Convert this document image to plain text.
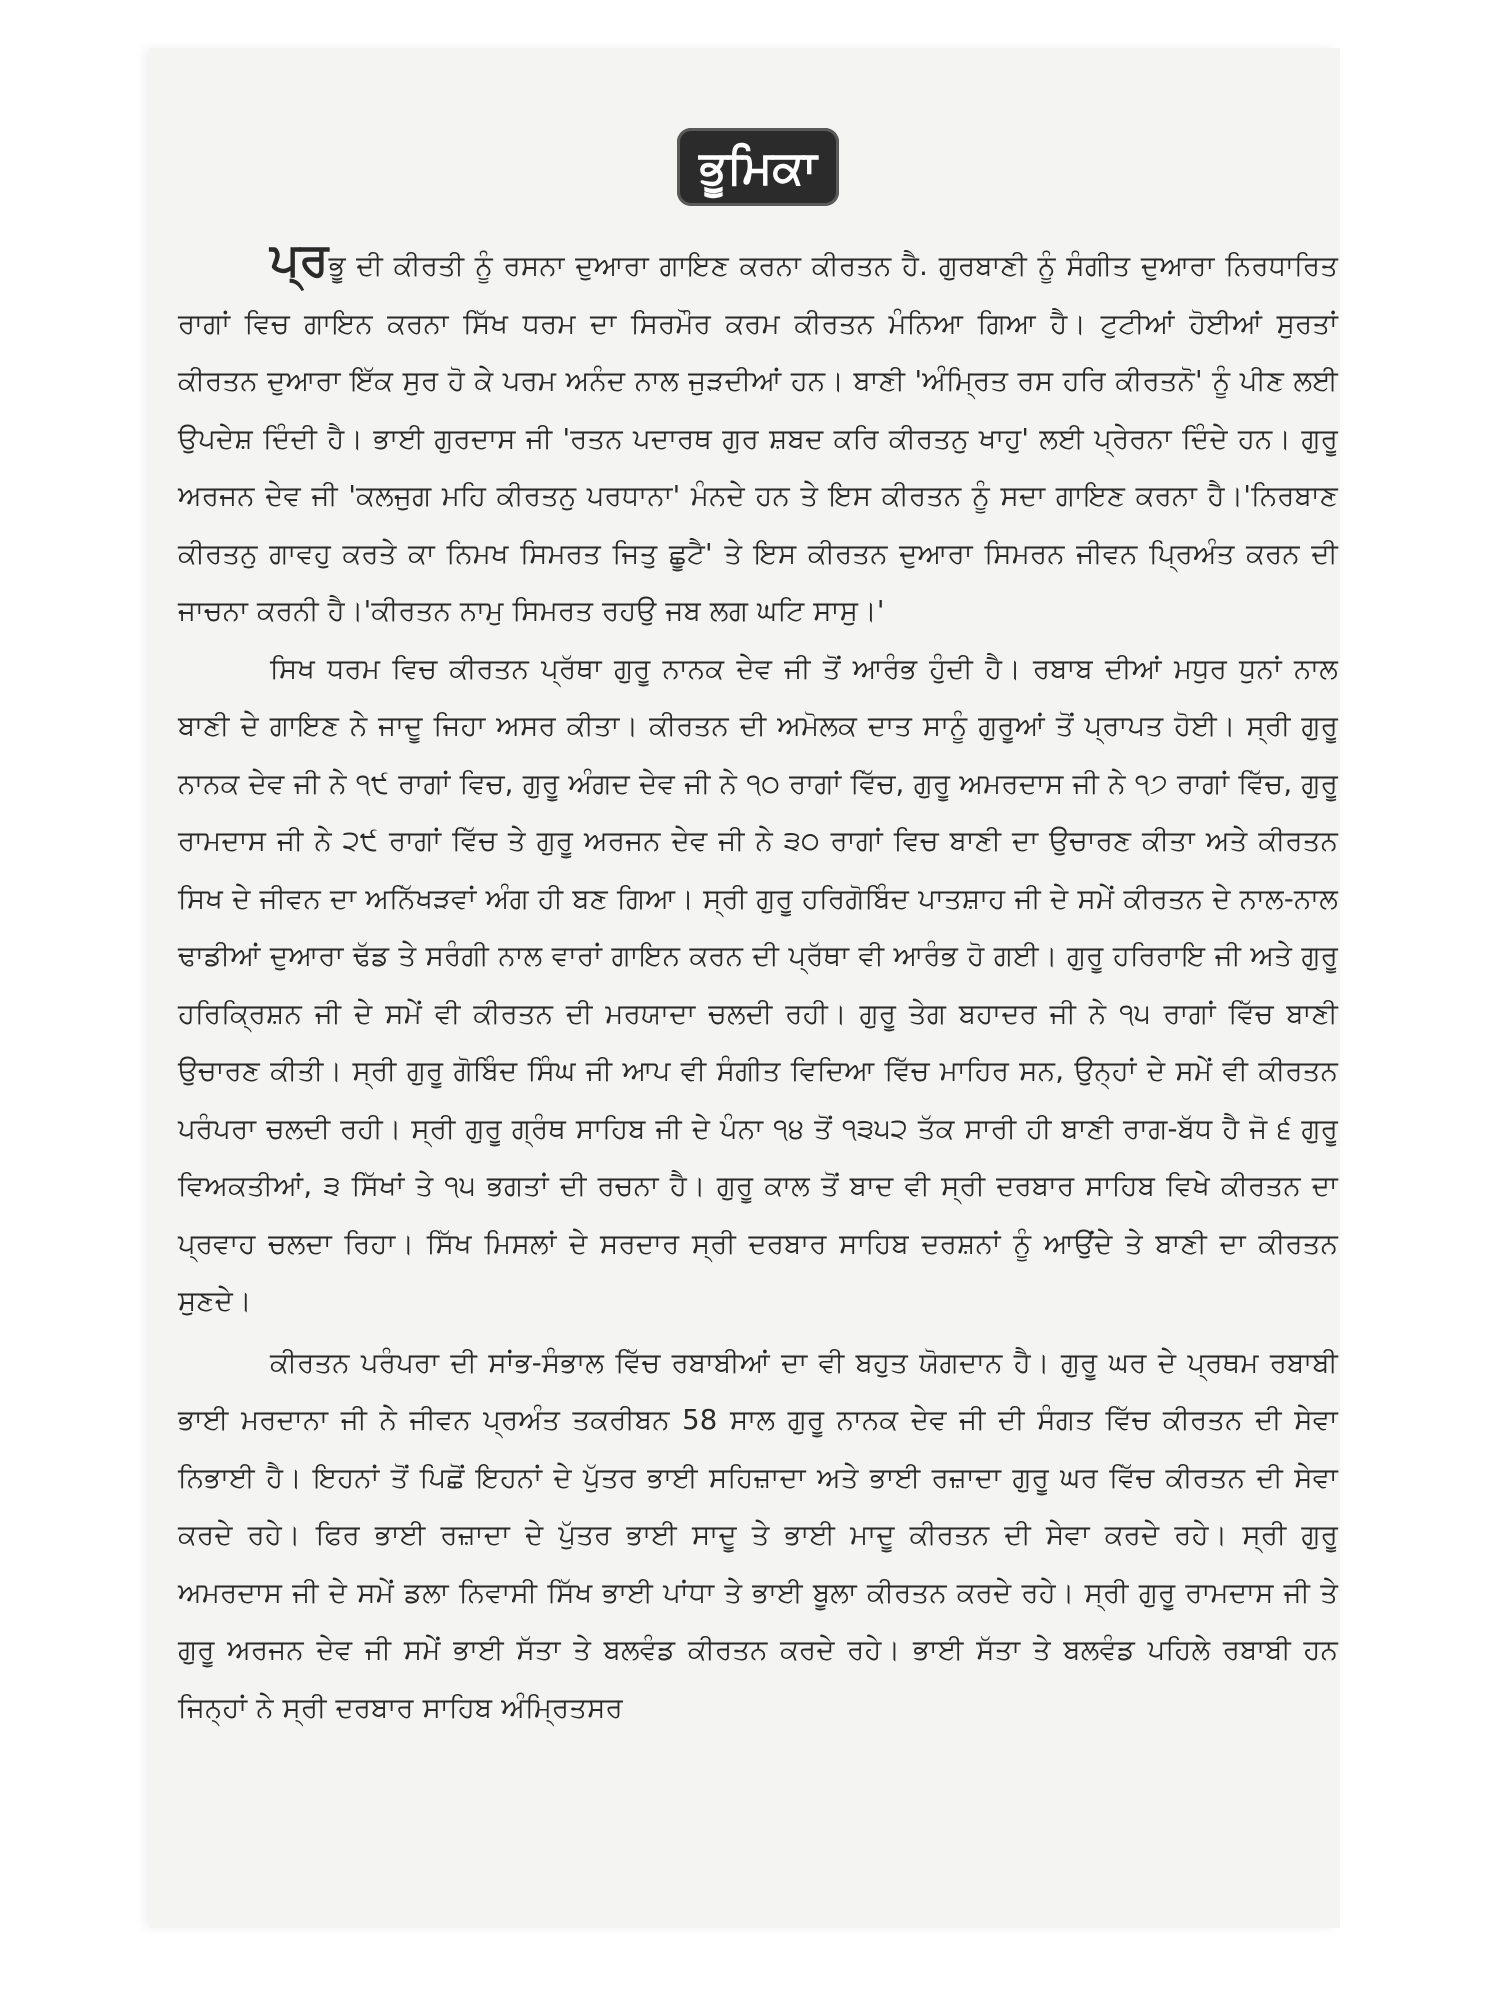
ਭੂਮਿਕਾ

ਪ੍ਰਭੂ ਦੀ ਕੀਰਤੀ ਨੂੰ ਰਸਨਾ ਦੁਆਰਾ ਗਾਇਣ ਕਰਨਾ ਕੀਰਤਨ ਹੈ. ਗੁਰਬਾਣੀ ਨੂੰ ਸੰਗੀਤ ਦੁਆਰਾ ਨਿਰਧਾਰਿਤ ਰਾਗਾਂ ਵਿਚ ਗਾਇਨ ਕਰਨਾ ਸਿੱਖ ਧਰਮ ਦਾ ਸਿਰਮੌਰ ਕਰਮ ਕੀਰਤਨ ਮੰਨਿਆ ਗਿਆ ਹੈ। ਟੁਟੀਆਂ ਹੋਈਆਂ ਸੁਰਤਾਂ ਕੀਰਤਨ ਦੁਆਰਾ ਇੱਕ ਸੁਰ ਹੋ ਕੇ ਪਰਮ ਅਨੰਦ ਨਾਲ ਜੁੜਦੀਆਂ ਹਨ। ਬਾਣੀ 'ਅੰਮ੍ਰਿਤ ਰਸ ਹਰਿ ਕੀਰਤਨੋ' ਨੂੰ ਪੀਣ ਲਈ ਉਪਦੇਸ਼ ਦਿੰਦੀ ਹੈ। ਭਾਈ ਗੁਰਦਾਸ ਜੀ 'ਰਤਨ ਪਦਾਰਥ ਗੁਰ ਸ਼ਬਦ ਕਰਿ ਕੀਰਤਨੁ ਖਾਹੁ' ਲਈ ਪ੍ਰੇਰਨਾ ਦਿੰਦੇ ਹਨ। ਗੁਰੂ ਅਰਜਨ ਦੇਵ ਜੀ 'ਕਲਜੁਗ ਮਹਿ ਕੀਰਤਨੁ ਪਰਧਾਨਾ' ਮੰਨਦੇ ਹਨ ਤੇ ਇਸ ਕੀਰਤਨ ਨੂੰ ਸਦਾ ਗਾਇਣ ਕਰਨਾ ਹੈ।'ਨਿਰਬਾਣ ਕੀਰਤਨੁ ਗਾਵਹੁ ਕਰਤੇ ਕਾ ਨਿਮਖ ਸਿਮਰਤ ਜਿਤੁ ਛੂਟੈ' ਤੇ ਇਸ ਕੀਰਤਨ ਦੁਆਰਾ ਸਿਮਰਨ ਜੀਵਨ ਪ੍ਰਿਅੰਤ ਕਰਨ ਦੀ ਜਾਚਨਾ ਕਰਨੀ ਹੈ।'ਕੀਰਤਨ ਨਾਮੁ ਸਿਮਰਤ ਰਹਉ ਜਬ ਲਗ ਘਟਿ ਸਾਸੁ।'

ਸਿਖ ਧਰਮ ਵਿਚ ਕੀਰਤਨ ਪ੍ਰੱਥਾ ਗੁਰੂ ਨਾਨਕ ਦੇਵ ਜੀ ਤੋਂ ਆਰੰਭ ਹੁੰਦੀ ਹੈ। ਰਬਾਬ ਦੀਆਂ ਮਧੁਰ ਧੁਨਾਂ ਨਾਲ ਬਾਣੀ ਦੇ ਗਾਇਣ ਨੇ ਜਾਦੂ ਜਿਹਾ ਅਸਰ ਕੀਤਾ। ਕੀਰਤਨ ਦੀ ਅਮੋਲਕ ਦਾਤ ਸਾਨੂੰ ਗੁਰੂਆਂ ਤੋਂ ਪ੍ਰਾਪਤ ਹੋਈ। ਸ੍ਰੀ ਗੁਰੂ ਨਾਨਕ ਦੇਵ ਜੀ ਨੇ ੧੯ ਰਾਗਾਂ ਵਿਚ, ਗੁਰੂ ਅੰਗਦ ਦੇਵ ਜੀ ਨੇ ੧੦ ਰਾਗਾਂ ਵਿੱਚ, ਗੁਰੂ ਅਮਰਦਾਸ ਜੀ ਨੇ ੧੭ ਰਾਗਾਂ ਵਿੱਚ, ਗੁਰੂ ਰਾਮਦਾਸ ਜੀ ਨੇ ੨੯ ਰਾਗਾਂ ਵਿੱਚ ਤੇ ਗੁਰੂ ਅਰਜਨ ਦੇਵ ਜੀ ਨੇ ੩੦ ਰਾਗਾਂ ਵਿਚ ਬਾਣੀ ਦਾ ਉਚਾਰਣ ਕੀਤਾ ਅਤੇ ਕੀਰਤਨ ਸਿਖ ਦੇ ਜੀਵਨ ਦਾ ਅਨਿੱਖੜਵਾਂ ਅੰਗ ਹੀ ਬਣ ਗਿਆ। ਸ੍ਰੀ ਗੁਰੂ ਹਰਿਗੋਬਿੰਦ ਪਾਤਸ਼ਾਹ ਜੀ ਦੇ ਸਮੇਂ ਕੀਰਤਨ ਦੇ ਨਾਲ-ਨਾਲ ਢਾਡੀਆਂ ਦੁਆਰਾ ਢੱਡ ਤੇ ਸਰੰਗੀ ਨਾਲ ਵਾਰਾਂ ਗਾਇਨ ਕਰਨ ਦੀ ਪ੍ਰੱਥਾ ਵੀ ਆਰੰਭ ਹੋ ਗਈ। ਗੁਰੂ ਹਰਿਰਾਇ ਜੀ ਅਤੇ ਗੁਰੂ ਹਰਿਕ੍ਰਿਸ਼ਨ ਜੀ ਦੇ ਸਮੇਂ ਵੀ ਕੀਰਤਨ ਦੀ ਮਰਯਾਦਾ ਚਲਦੀ ਰਹੀ। ਗੁਰੂ ਤੇਗ ਬਹਾਦਰ ਜੀ ਨੇ ੧੫ ਰਾਗਾਂ ਵਿੱਚ ਬਾਣੀ ਉਚਾਰਣ ਕੀਤੀ। ਸ੍ਰੀ ਗੁਰੂ ਗੋਬਿੰਦ ਸਿੰਘ ਜੀ ਆਪ ਵੀ ਸੰਗੀਤ ਵਿਦਿਆ ਵਿੱਚ ਮਾਹਿਰ ਸਨ, ਉਨ੍ਹਾਂ ਦੇ ਸਮੇਂ ਵੀ ਕੀਰਤਨ ਪਰੰਪਰਾ ਚਲਦੀ ਰਹੀ। ਸ੍ਰੀ ਗੁਰੂ ਗ੍ਰੰਥ ਸਾਹਿਬ ਜੀ ਦੇ ਪੰਨਾ ੧੪ ਤੋਂ ੧੩੫੨ ਤੱਕ ਸਾਰੀ ਹੀ ਬਾਣੀ ਰਾਗ-ਬੱਧ ਹੈ ਜੋ ੬ ਗੁਰੂ ਵਿਅਕਤੀਆਂ, ੩ ਸਿੱਖਾਂ ਤੇ ੧੫ ਭਗਤਾਂ ਦੀ ਰਚਨਾ ਹੈ। ਗੁਰੂ ਕਾਲ ਤੋਂ ਬਾਦ ਵੀ ਸ੍ਰੀ ਦਰਬਾਰ ਸਾਹਿਬ ਵਿਖੇ ਕੀਰਤਨ ਦਾ ਪ੍ਰਵਾਹ ਚਲਦਾ ਰਿਹਾ। ਸਿੱਖ ਮਿਸਲਾਂ ਦੇ ਸਰਦਾਰ ਸ੍ਰੀ ਦਰਬਾਰ ਸਾਹਿਬ ਦਰਸ਼ਨਾਂ ਨੂੰ ਆਉਂਦੇ ਤੇ ਬਾਣੀ ਦਾ ਕੀਰਤਨ ਸੁਣਦੇ।

ਕੀਰਤਨ ਪਰੰਪਰਾ ਦੀ ਸਾਂਭ-ਸੰਭਾਲ ਵਿੱਚ ਰਬਾਬੀਆਂ ਦਾ ਵੀ ਬਹੁਤ ਯੋਗਦਾਨ ਹੈ। ਗੁਰੂ ਘਰ ਦੇ ਪ੍ਰਥਮ ਰਬਾਬੀ ਭਾਈ ਮਰਦਾਨਾ ਜੀ ਨੇ ਜੀਵਨ ਪ੍ਰਅੰਤ ਤਕਰੀਬਨ 58 ਸਾਲ ਗੁਰੂ ਨਾਨਕ ਦੇਵ ਜੀ ਦੀ ਸੰਗਤ ਵਿੱਚ ਕੀਰਤਨ ਦੀ ਸੇਵਾ ਨਿਭਾਈ ਹੈ। ਇਹਨਾਂ ਤੋਂ ਪਿਛੋਂ ਇਹਨਾਂ ਦੇ ਪੁੱਤਰ ਭਾਈ ਸਹਿਜ਼ਾਦਾ ਅਤੇ ਭਾਈ ਰਜ਼ਾਦਾ ਗੁਰੂ ਘਰ ਵਿੱਚ ਕੀਰਤਨ ਦੀ ਸੇਵਾ ਕਰਦੇ ਰਹੇ। ਫਿਰ ਭਾਈ ਰਜ਼ਾਦਾ ਦੇ ਪੁੱਤਰ ਭਾਈ ਸਾਦੂ ਤੇ ਭਾਈ ਮਾਦੂ ਕੀਰਤਨ ਦੀ ਸੇਵਾ ਕਰਦੇ ਰਹੇ। ਸ੍ਰੀ ਗੁਰੂ ਅਮਰਦਾਸ ਜੀ ਦੇ ਸਮੇਂ ਡਲਾ ਨਿਵਾਸੀ ਸਿੱਖ ਭਾਈ ਪਾਂਧਾ ਤੇ ਭਾਈ ਬੂਲਾ ਕੀਰਤਨ ਕਰਦੇ ਰਹੇ। ਸ੍ਰੀ ਗੁਰੂ ਰਾਮਦਾਸ ਜੀ ਤੇ ਗੁਰੂ ਅਰਜਨ ਦੇਵ ਜੀ ਸਮੇਂ ਭਾਈ ਸੱਤਾ ਤੇ ਬਲਵੰਡ ਕੀਰਤਨ ਕਰਦੇ ਰਹੇ। ਭਾਈ ਸੱਤਾ ਤੇ ਬਲਵੰਡ ਪਹਿਲੇ ਰਬਾਬੀ ਹਨ ਜਿਨ੍ਹਾਂ ਨੇ ਸ੍ਰੀ ਦਰਬਾਰ ਸਾਹਿਬ ਅੰਮ੍ਰਿਤਸਰ
